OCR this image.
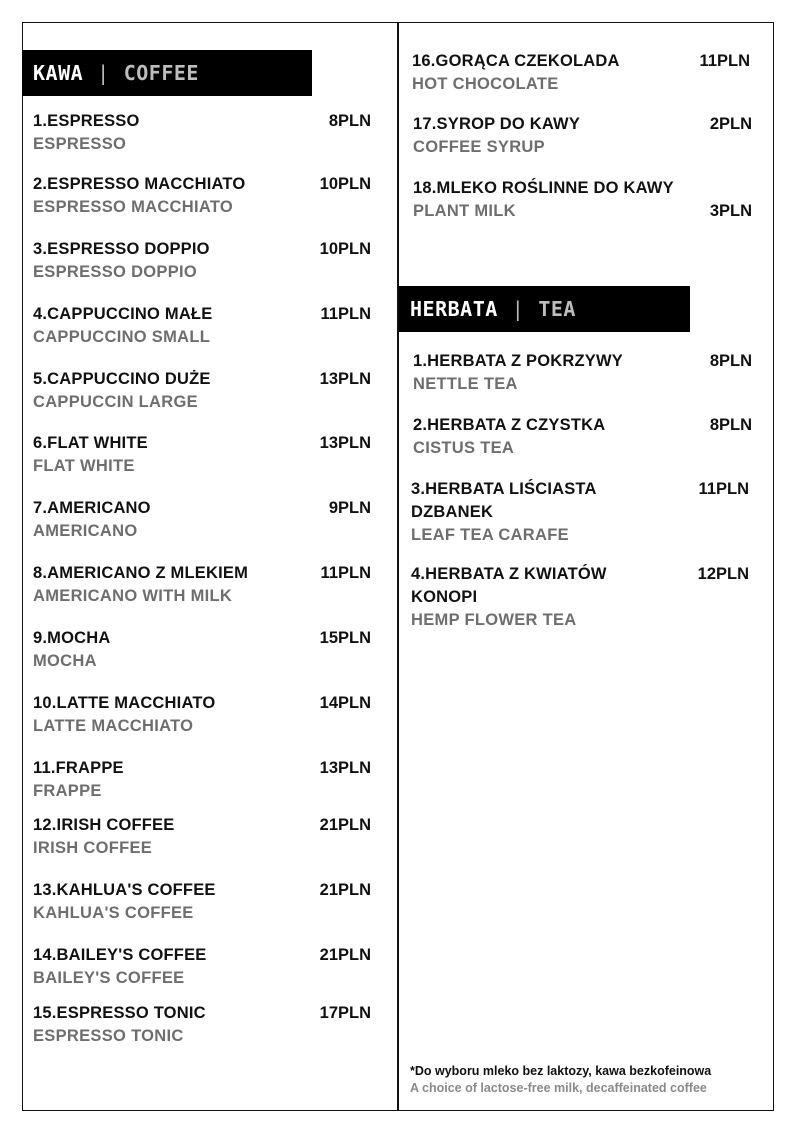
KAWA | COFFEE
1.ESPRESSO
ESPRESSO
8PLN
2.ESPRESSO MACCHIATO
ESPRESSO MACCHIATO
10PLN
3.ESPRESSO DOPPIO
ESPRESSO DOPPIO
10PLN
4.CAPPUCCINO MAŁE
CAPPUCCINO SMALL
11PLN
5.CAPPUCCINO DUŻE
CAPPUCCIN LARGE
13PLN
6.FLAT WHITE
FLAT WHITE
13PLN
7.AMERICANO
AMERICANO
9PLN
8.AMERICANO Z MLEKIEM
AMERICANO WITH MILK
11PLN
9.MOCHA
MOCHA
15PLN
10.LATTE MACCHIATO
LATTE MACCHIATO
14PLN
11.FRAPPE
FRAPPE
13PLN
12.IRISH COFFEE
IRISH COFFEE
21PLN
13.KAHLUA'S COFFEE
KAHLUA'S COFFEE
21PLN
14.BAILEY'S COFFEE
BAILEY'S COFFEE
21PLN
15.ESPRESSO TONIC
ESPRESSO TONIC
17PLN
16.GORĄCA CZEKOLADA
HOT CHOCOLATE
11PLN
17.SYROP DO KAWY
COFFEE SYRUP
2PLN
18.MLEKO ROŚLINNE DO KAWY
PLANT MILK	3PLN
HERBATA | TEA
1.HERBATA Z POKRZYWY
NETTLE TEA
8PLN
2.HERBATA Z CZYSTKA
CISTUS TEA
8PLN
3.HERBATA LIŚCIASTA
DZBANEK
LEAF TEA CARAFE
11PLN
4.HERBATA Z KWIATÓW
KONOPI
HEMP FLOWER TEA
12PLN
*Do wyboru mleko bez laktozy, kawa bezkofeinowa
A choice of lactose-free milk, decaffeinated coffee
